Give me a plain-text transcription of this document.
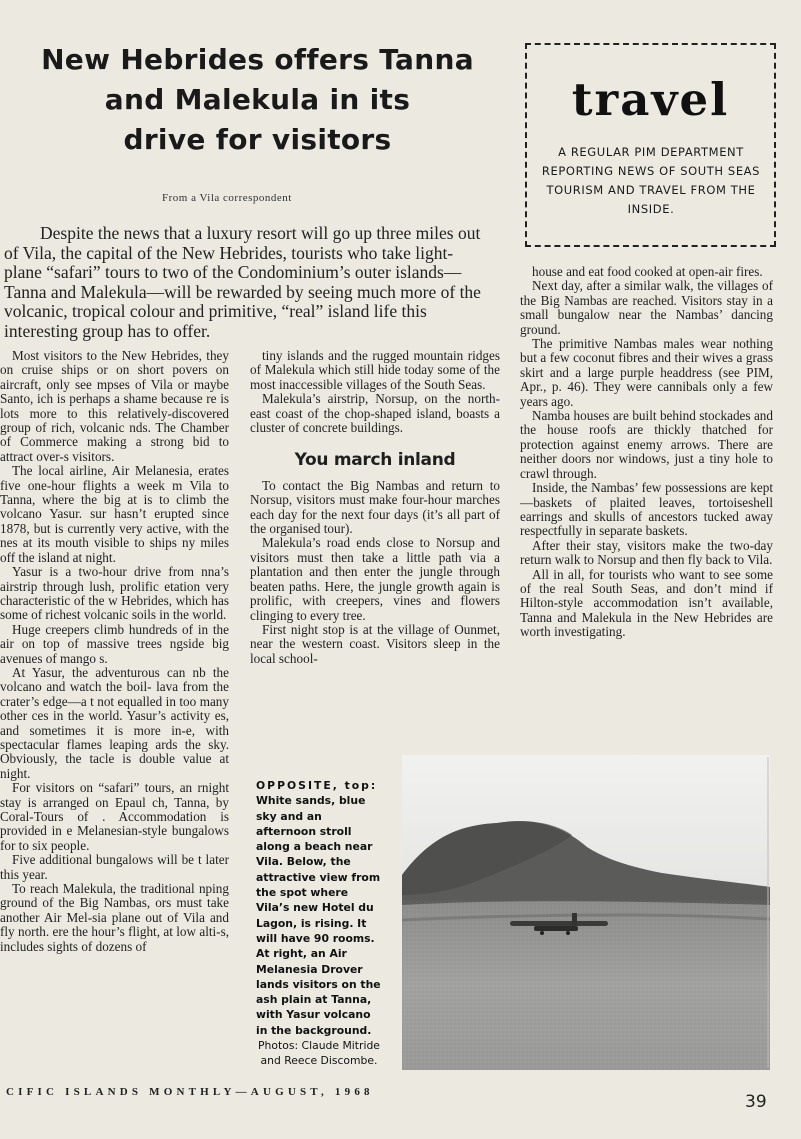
New Hebrides offers Tanna
and Malekula in its
drive for visitors
From a Vila correspondent

Despite the news that a luxury resort will go up three miles out of Vila, the capital of the New Hebrides, tourists who take light-plane “safari” tours to two of the Condominium’s outer islands—Tanna and Malekula—will be rewarded by seeing much more of the volcanic, tropical colour and primitive, “real” island life this interesting group has to offer.

Most visitors to the New Hebrides, they on cruise ships or on short povers on aircraft, only see mpses of Vila or maybe Santo, ich is perhaps a shame because re is lots more to this relatively-discovered group of rich, volcanic nds. The Chamber of Commerce making a strong bid to attract over-s visitors.

The local airline, Air Melanesia, erates five one-hour flights a week m Vila to Tanna, where the big at is to climb the volcano Yasur. sur hasn’t erupted since 1878, but is currently very active, with the nes at its mouth visible to ships ny miles off the island at night.

Yasur is a two-hour drive from nna’s airstrip through lush, prolific etation very characteristic of the w Hebrides, which has some of richest volcanic soils in the world.

Huge creepers climb hundreds of in the air on top of massive trees ngside big avenues of mango s.

At Yasur, the adventurous can nb the volcano and watch the boil- lava from the crater’s edge—a t not equalled in too many other ces in the world. Yasur’s activity es, and sometimes it is more in-e, with spectacular flames leaping ards the sky. Obviously, the tacle is double value at night.

For visitors on “safari” tours, an rnight stay is arranged on Epaul ch, Tanna, by Coral-Tours of . Accommodation is provided in e Melanesian-style bungalows for to six people.

Five additional bungalows will be t later this year.

To reach Malekula, the traditional nping ground of the Big Nambas, ors must take another Air Mel-sia plane out of Vila and fly north. ere the hour’s flight, at low alti-s, includes sights of dozens of

tiny islands and the rugged mountain ridges of Malekula which still hide today some of the most inaccessible villages of the South Seas.

Malekula’s airstrip, Norsup, on the north-east coast of the chop-shaped island, boasts a cluster of concrete buildings.

You march inland

To contact the Big Nambas and return to Norsup, visitors must make four-hour marches each day for the next four days (it’s all part of the organised tour).

Malekula’s road ends close to Norsup and visitors must then take a little path via a plantation and then enter the jungle through beaten paths. Here, the jungle growth again is prolific, with creepers, vines and flowers clinging to every tree.

First night stop is at the village of Ounmet, near the western coast. Visitors sleep in the local school-

house and eat food cooked at open-air fires.

Next day, after a similar walk, the villages of the Big Nambas are reached. Visitors stay in a small bungalow near the Nambas’ dancing ground.

The primitive Nambas males wear nothing but a few coconut fibres and their wives a grass skirt and a large purple headdress (see PIM, Apr., p. 46). They were cannibals only a few years ago.

Namba houses are built behind stockades and the house roofs are thickly thatched for protection against enemy arrows. There are neither doors nor windows, just a tiny hole to crawl through.

Inside, the Nambas’ few possessions are kept—baskets of plaited leaves, tortoiseshell earrings and skulls of ancestors tucked away respectfully in separate baskets.

After their stay, visitors make the two-day return walk to Norsup and then fly back to Vila.

All in all, for tourists who want to see some of the real South Seas, and don’t mind if Hilton-style accommodation isn’t available, Tanna and Malekula in the New Hebrides are worth investigating.

travel
A REGULAR PIM DEPARTMENT REPORTING NEWS OF SOUTH SEAS TOURISM AND TRAVEL FROM THE INSIDE.
OPPOSITE, top: White sands, blue sky and an afternoon stroll along a beach near Vila. Below, the attractive view from the spot where Vila’s new Hotel du Lagon, is rising. It will have 90 rooms. At right, an Air Melanesia Drover lands visitors on the ash plain at Tanna, with Yasur volcano in the background.
Photos: Claude Mitride and Reece Discombe.
CIFIC ISLANDS MONTHLY—AUGUST, 1968	39
